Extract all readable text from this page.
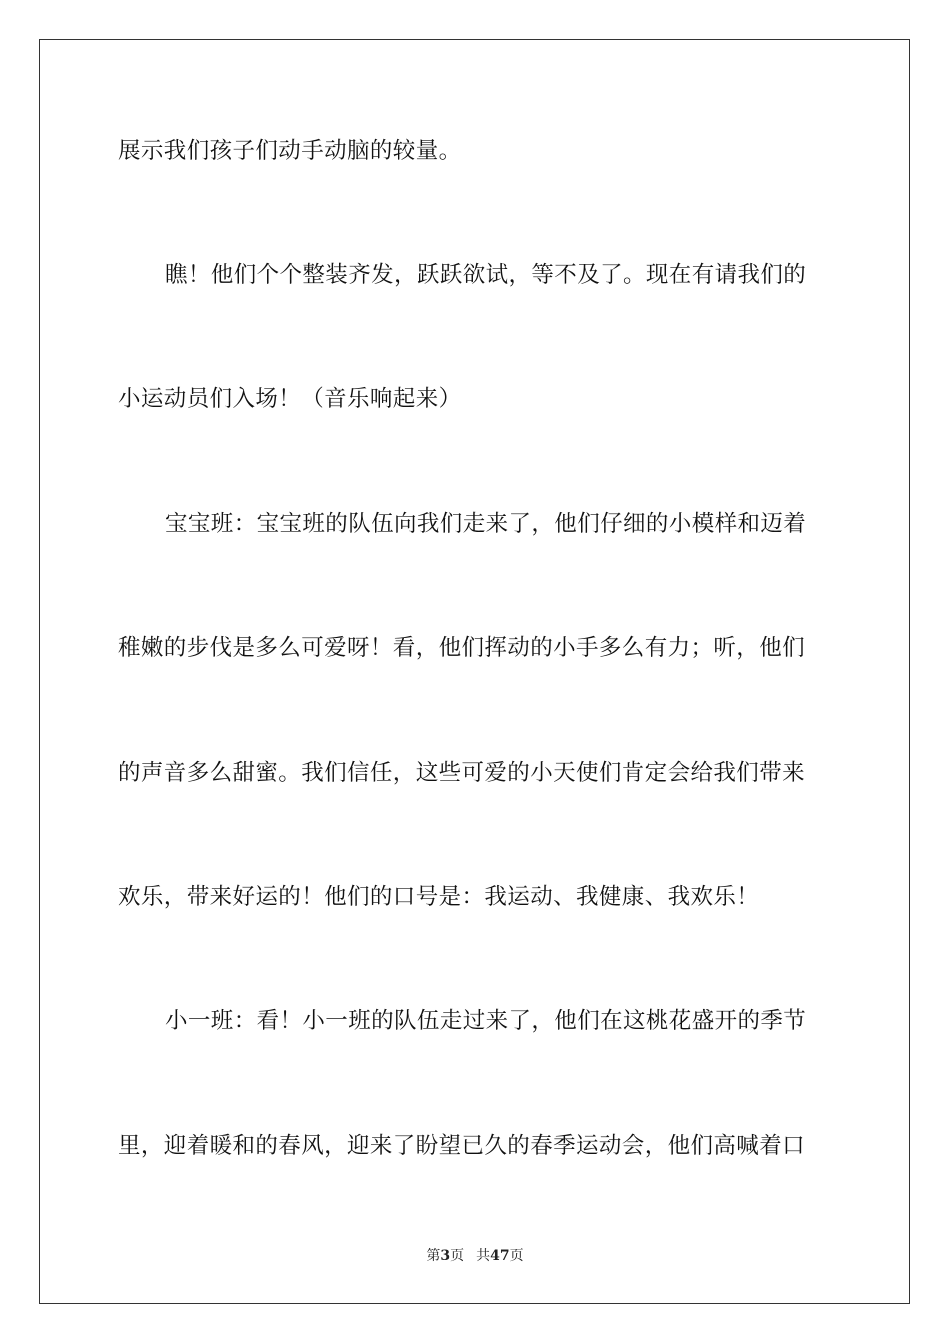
展示我们孩子们动手动脑的较量。
瞧！他们个个整装齐发，跃跃欲试，等不及了。现在有请我们的
小运动员们入场！（音乐响起来）
宝宝班：宝宝班的队伍向我们走来了，他们仔细的小模样和迈着
稚嫩的步伐是多么可爱呀！看，他们挥动的小手多么有力；听，他们
的声音多么甜蜜。我们信任，这些可爱的小天使们肯定会给我们带来
欢乐，带来好运的！他们的口号是：我运动、我健康、我欢乐！
小一班：看！小一班的队伍走过来了，他们在这桃花盛开的季节
里，迎着暖和的春风，迎来了盼望已久的春季运动会，他们高喊着口
第3页 共47页
